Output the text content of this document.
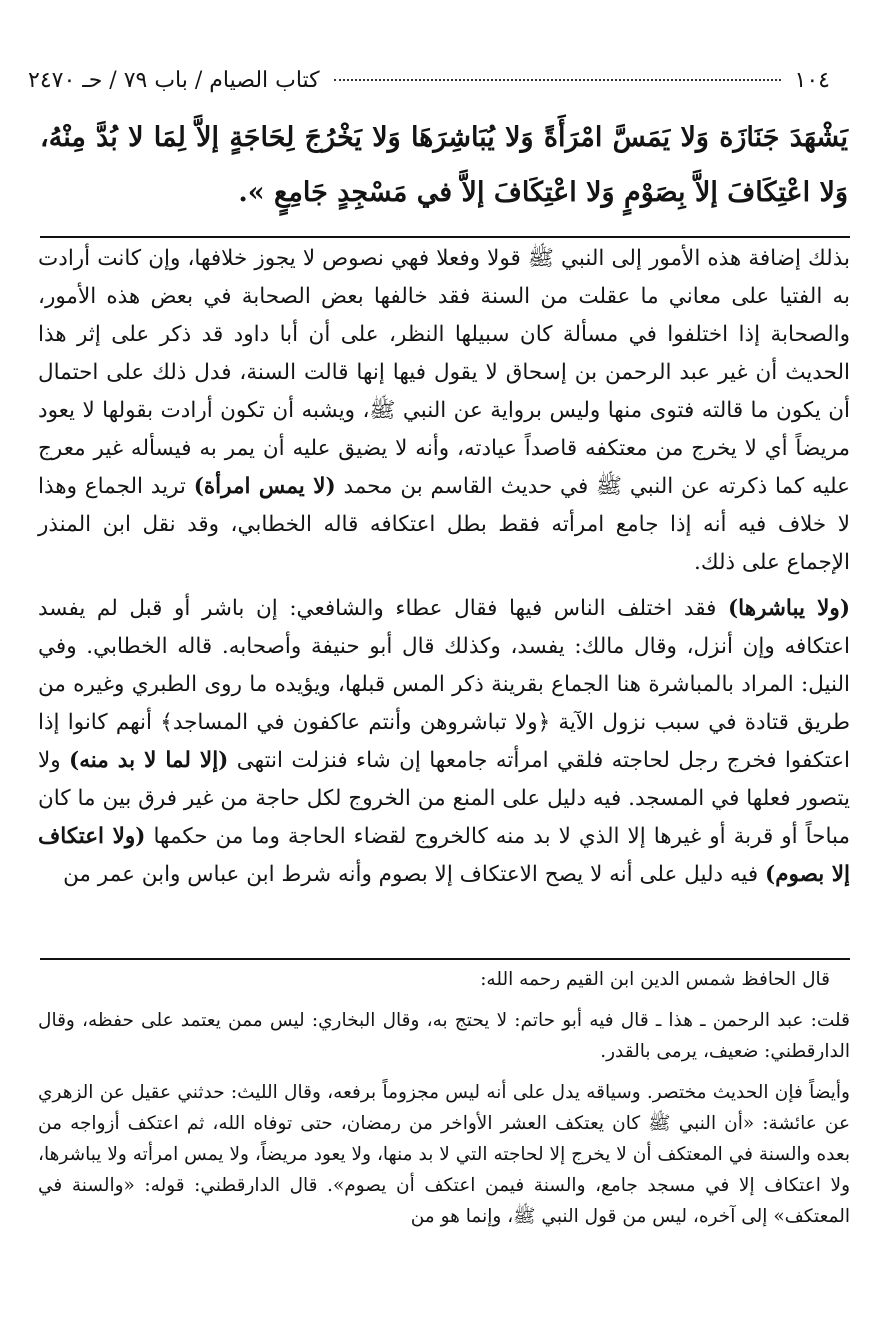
١٠٤
كتاب الصيام / باب ٧٩ / حـ ٢٤٧٠
يَشْهَدَ جَنَازَة وَلا يَمَسَّ امْرَأَةً وَلا يُبَاشِرَهَا وَلا يَخْرُجَ لِحَاجَةٍ إلاَّ لِمَا لا بُدَّ مِنْهُ، وَلا اعْتِكَافَ إلاَّ بِصَوْمٍ وَلا اعْتِكَافَ إلاَّ في مَسْجِدٍ جَامِعٍ ».

بذلك إضافة هذه الأمور إلى النبي ﷺ قولا وفعلا فهي نصوص لا يجوز خلافها، وإن كانت أرادت به الفتيا على معاني ما عقلت من السنة فقد خالفها بعض الصحابة في بعض هذه الأمور، والصحابة إذا اختلفوا في مسألة كان سبيلها النظر، على أن أبا داود قد ذكر على إثر هذا الحديث أن غير عبد الرحمن بن إسحاق لا يقول فيها إنها قالت السنة، فدل ذلك على احتمال أن يكون ما قالته فتوى منها وليس برواية عن النبي ﷺ، ويشبه أن تكون أرادت بقولها لا يعود مريضاً أي لا يخرج من معتكفه قاصداً عيادته، وأنه لا يضيق عليه أن يمر به فيسأله غير معرج عليه كما ذكرته عن النبي ﷺ في حديث القاسم بن محمد (لا يمس امرأة) تريد الجماع وهذا لا خلاف فيه أنه إذا جامع امرأته فقط بطل اعتكافه قاله الخطابي، وقد نقل ابن المنذر الإجماع على ذلك.

(ولا يباشرها) فقد اختلف الناس فيها فقال عطاء والشافعي: إن باشر أو قبل لم يفسد اعتكافه وإن أنزل، وقال مالك: يفسد، وكذلك قال أبو حنيفة وأصحابه. قاله الخطابي. وفي النيل: المراد بالمباشرة هنا الجماع بقرينة ذكر المس قبلها، ويؤيده ما روى الطبري وغيره من طريق قتادة في سبب نزول الآية ﴿ولا تباشروهن وأنتم عاكفون في المساجد﴾ أنهم كانوا إذا اعتكفوا فخرج رجل لحاجته فلقي امرأته جامعها إن شاء فنزلت انتهى (إلا لما لا بد منه) ولا يتصور فعلها في المسجد. فيه دليل على المنع من الخروج لكل حاجة من غير فرق بين ما كان مباحاً أو قربة أو غيرها إلا الذي لا بد منه كالخروج لقضاء الحاجة وما من حكمها (ولا اعتكاف إلا بصوم) فيه دليل على أنه لا يصح الاعتكاف إلا بصوم وأنه شرط ابن عباس وابن عمر من

قال الحافظ شمس الدين ابن القيم رحمه الله:

قلت: عبد الرحمن ـ هذا ـ قال فيه أبو حاتم: لا يحتج به، وقال البخاري: ليس ممن يعتمد على حفظه، وقال الدارقطني: ضعيف، يرمى بالقدر.

وأيضاً فإن الحديث مختصر. وسياقه يدل على أنه ليس مجزوماً برفعه، وقال الليث: حدثني عقيل عن الزهري عن عائشة: «أن النبي ﷺ كان يعتكف العشر الأواخر من رمضان، حتى توفاه الله، ثم اعتكف أزواجه من بعده والسنة في المعتكف أن لا يخرج إلا لحاجته التي لا بد منها، ولا يعود مريضاً، ولا يمس امرأته ولا يباشرها، ولا اعتكاف إلا في مسجد جامع، والسنة فيمن اعتكف أن يصوم». قال الدارقطني: قوله: «والسنة في المعتكف» إلى آخره، ليس من قول النبي ﷺ، وإنما هو من
